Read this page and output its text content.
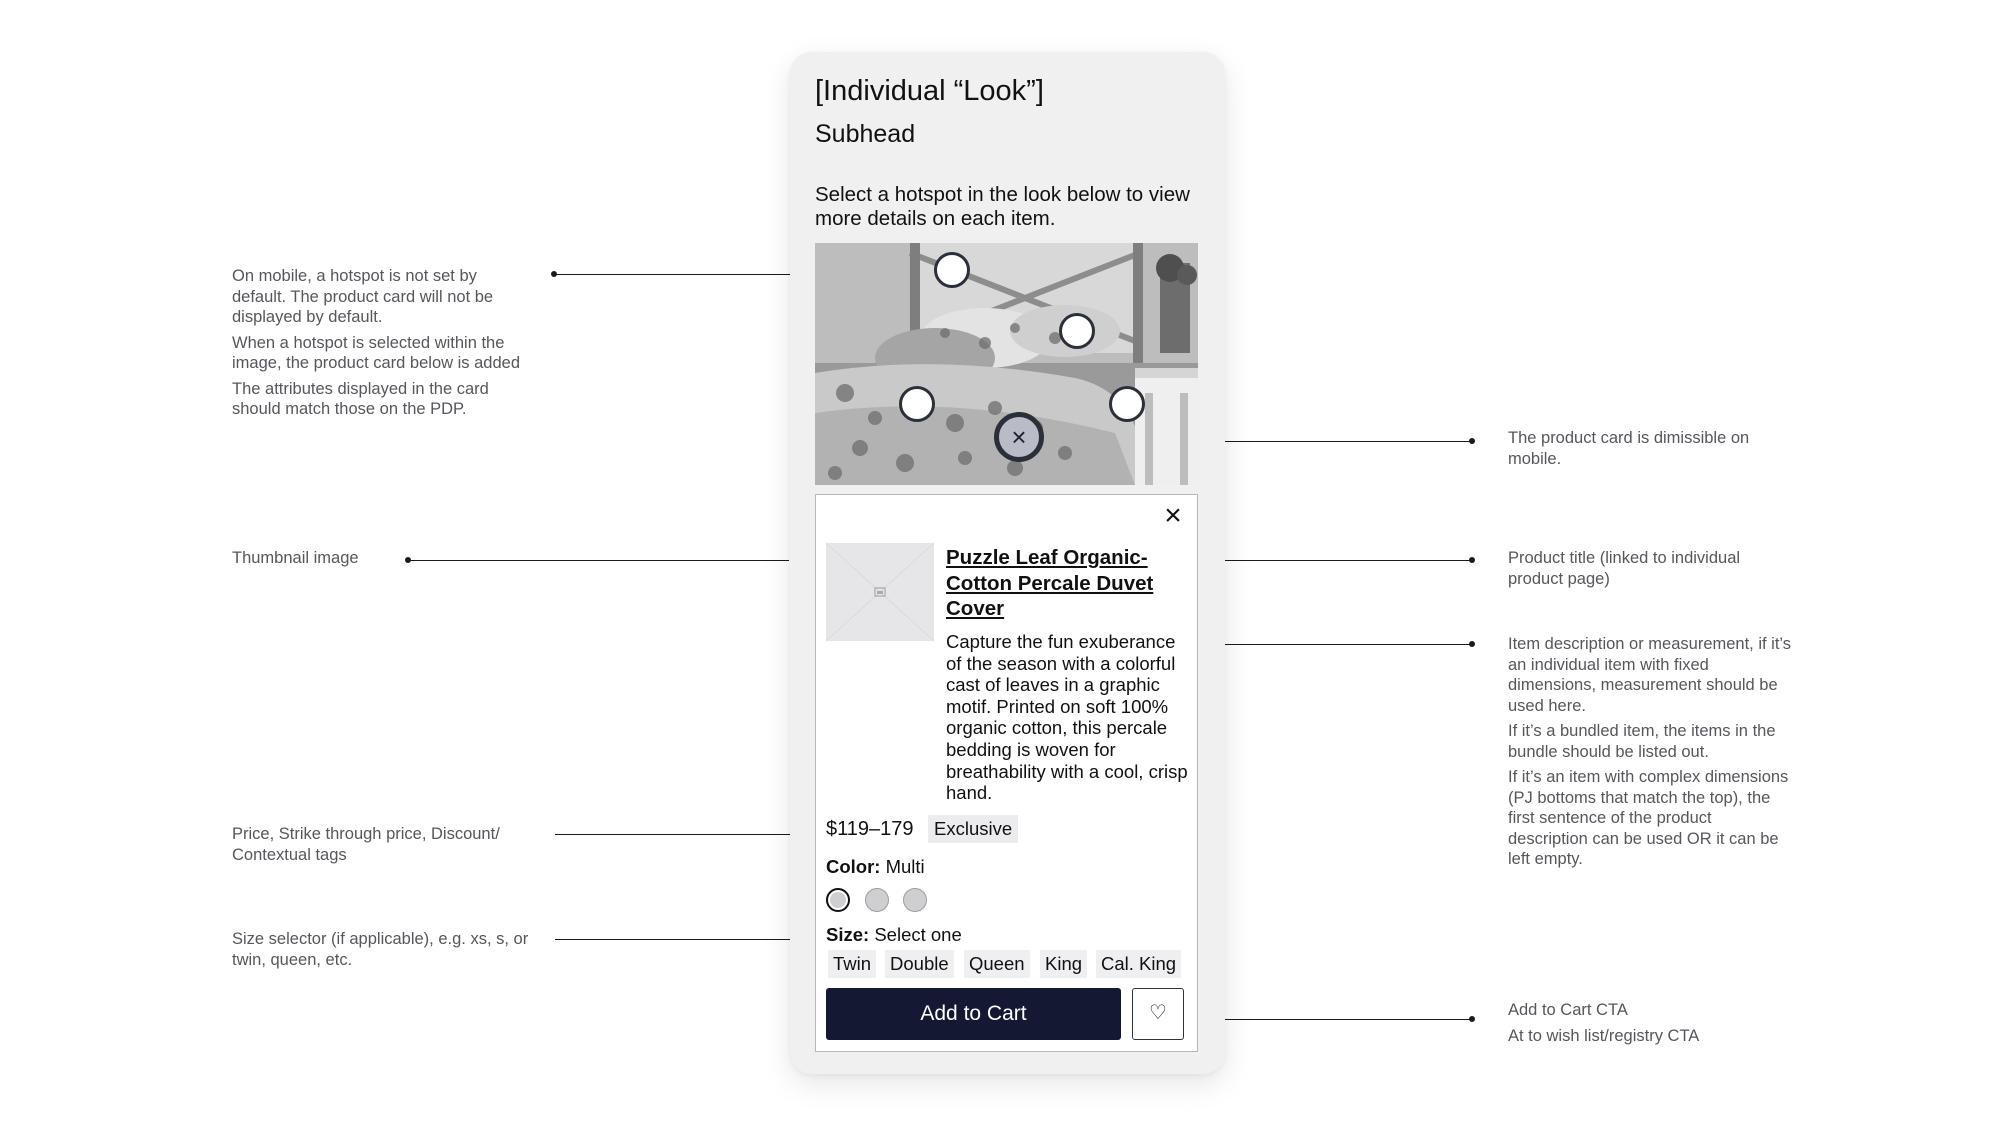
On mobile, a hotspot is not set by default. The product card will not be displayed by default.

When a hotspot is selected within the image, the product card below is added

The attributes displayed in the card should match those on the PDP.

Thumbnail image
Price, Strike through price, Discount/ Contextual tags
Size selector (if applicable), e.g. xs, s, or twin, queen, etc.
The product card is dimissible on mobile.
Product title (linked to individual product page)

Item description or measurement, if it’s an individual item with fixed dimensions, measurement should be used here.

If it’s a bundled item, the items in the bundle should be listed out.

If it’s an item with complex dimensions (PJ bottoms that match the top), the first sentence of the product description can be used OR it can be left empty.

Add to Cart CTA

At to wish list/registry CTA

[Individual “Look”]
Subhead
Select a hotspot in the look below to view more details on each item.
×
×
Puzzle Leaf Organic-Cotton Percale Duvet Cover
Capture the fun exuberance of the season with a colorful cast of leaves in a graphic motif. Printed on soft 100% organic cotton, this percale bedding is woven for breathability with a cool, crisp hand.
$119–179	Exclusive
Color: Multi
Size: Select one
Twin Double Queen King Cal. King
Add to Cart	♡
